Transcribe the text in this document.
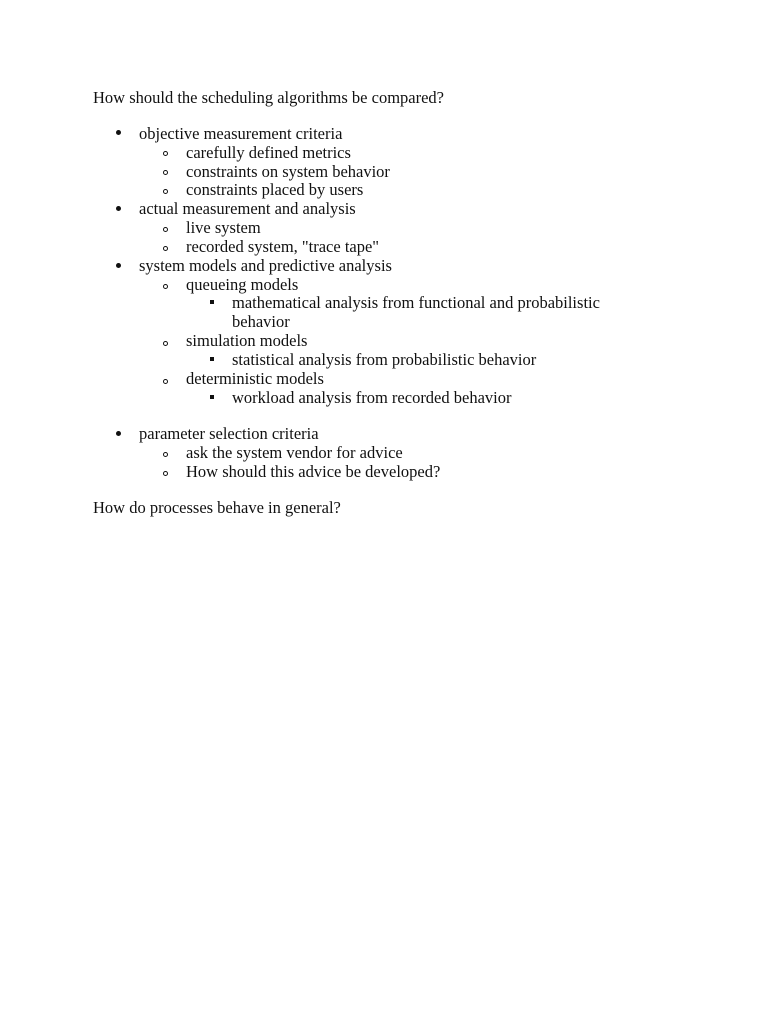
How should the scheduling algorithms be compared?
objective measurement criteria
carefully defined metrics
constraints on system behavior
constraints placed by users
actual measurement and analysis
live system
recorded system, "trace tape"
system models and predictive analysis
queueing models
mathematical analysis from functional and probabilistic behavior
simulation models
statistical analysis from probabilistic behavior
deterministic models
workload analysis from recorded behavior
parameter selection criteria
ask the system vendor for advice
How should this advice be developed?
How do processes behave in general?
